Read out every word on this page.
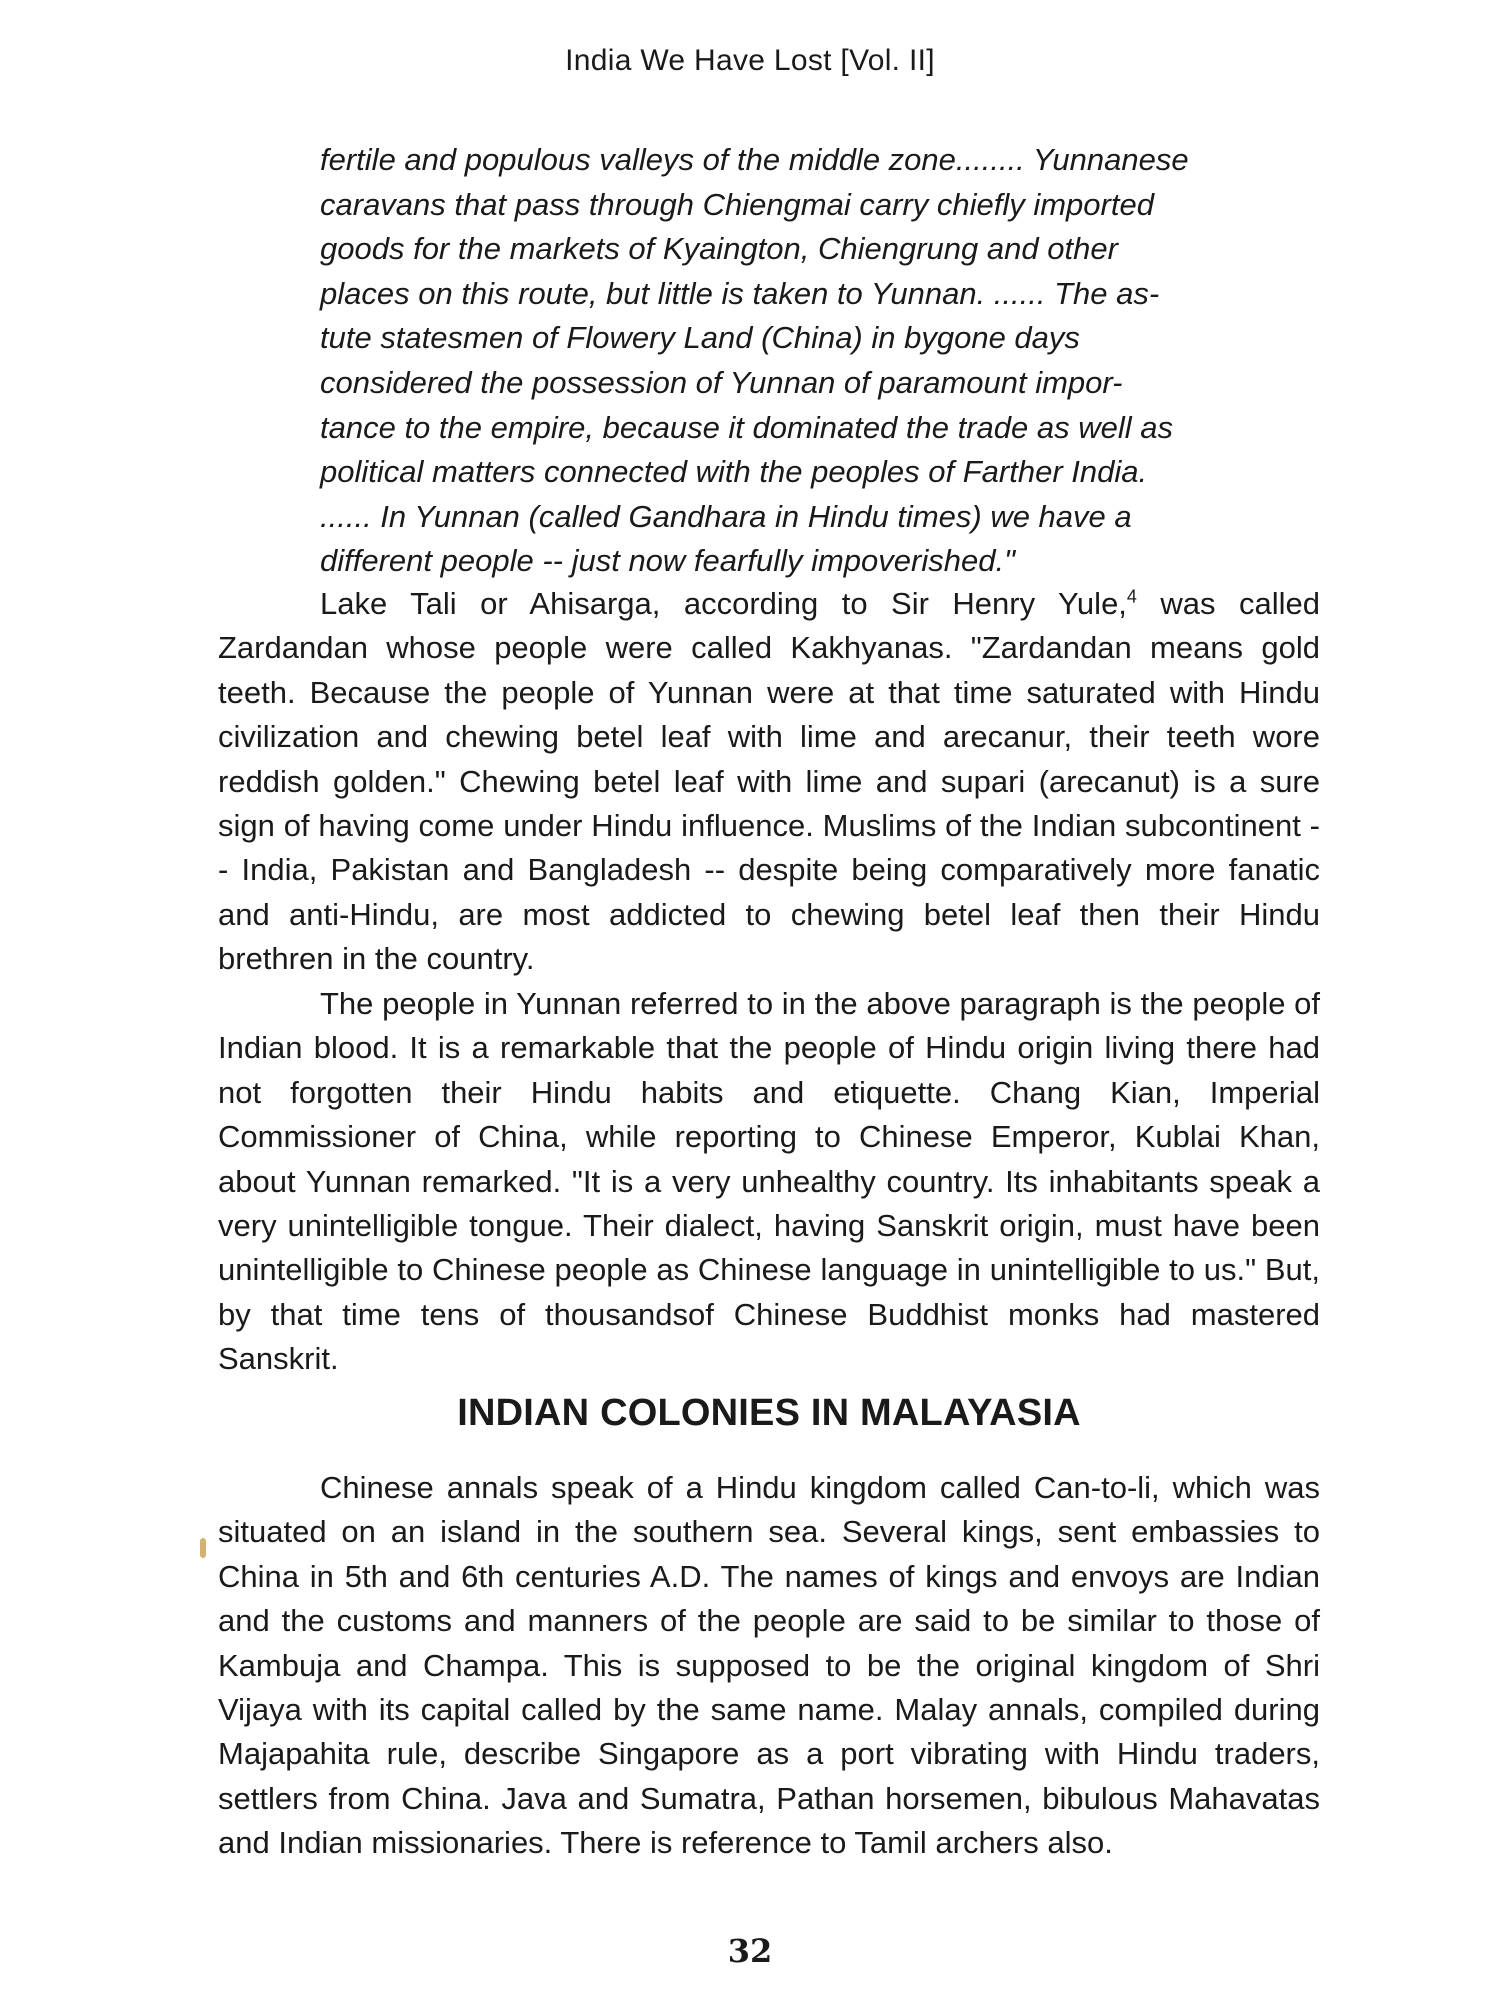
India We Have Lost [Vol. II]
fertile and populous valleys of the middle zone........ Yunnanese
caravans that pass through Chiengmai carry chiefly imported
goods for the markets of Kyaington, Chiengrung and other
places on this route, but little is taken to Yunnan. ...... The as-
tute statesmen of Flowery Land (China) in bygone days
considered the possession of Yunnan of paramount impor-
tance to the empire, because it dominated the trade as well as
political matters connected with the peoples of Farther India.
...... In Yunnan (called Gandhara in Hindu times) we have a
different people -- just now fearfully impoverished."

Lake Tali or Ahisarga, according to Sir Henry Yule,$^4$ was called Zardandan whose people were called Kakhyanas. "Zardandan means gold teeth. Because the people of Yunnan were at that time saturated with Hindu civilization and chewing betel leaf with lime and arecanur, their teeth wore reddish golden." Chewing betel leaf with lime and supari (arecanut) is a sure sign of having come under Hindu influence. Muslims of the Indian subcontinent -- India, Pakistan and Bangladesh -- despite being comparatively more fanatic and anti-Hindu, are most addicted to chewing betel leaf then their Hindu brethren in the country.

The people in Yunnan referred to in the above paragraph is the people of Indian blood. It is a remarkable that the people of Hindu origin living there had not forgotten their Hindu habits and etiquette. Chang Kian, Imperial Commissioner of China, while reporting to Chinese Emperor, Kublai Khan, about Yunnan remarked. "It is a very unhealthy country. Its inhabitants speak a very unintelligible tongue. Their dialect, having Sanskrit origin, must have been unintelligible to Chinese people as Chinese language in unintelligible to us." But, by that time tens of thousandsof Chinese Buddhist monks had mastered Sanskrit.

INDIAN COLONIES IN MALAYASIA

Chinese annals speak of a Hindu kingdom called Can-to-li, which was situated on an island in the southern sea. Several kings, sent embassies to China in 5th and 6th centuries A.D. The names of kings and envoys are Indian and the customs and manners of the people are said to be similar to those of Kambuja and Champa. This is supposed to be the original kingdom of Shri Vijaya with its capital called by the same name. Malay annals, compiled during Majapahita rule, describe Singapore as a port vibrating with Hindu traders, settlers from China. Java and Sumatra, Pathan horsemen, bibulous Mahavatas and Indian missionaries. There is reference to Tamil archers also.

32
